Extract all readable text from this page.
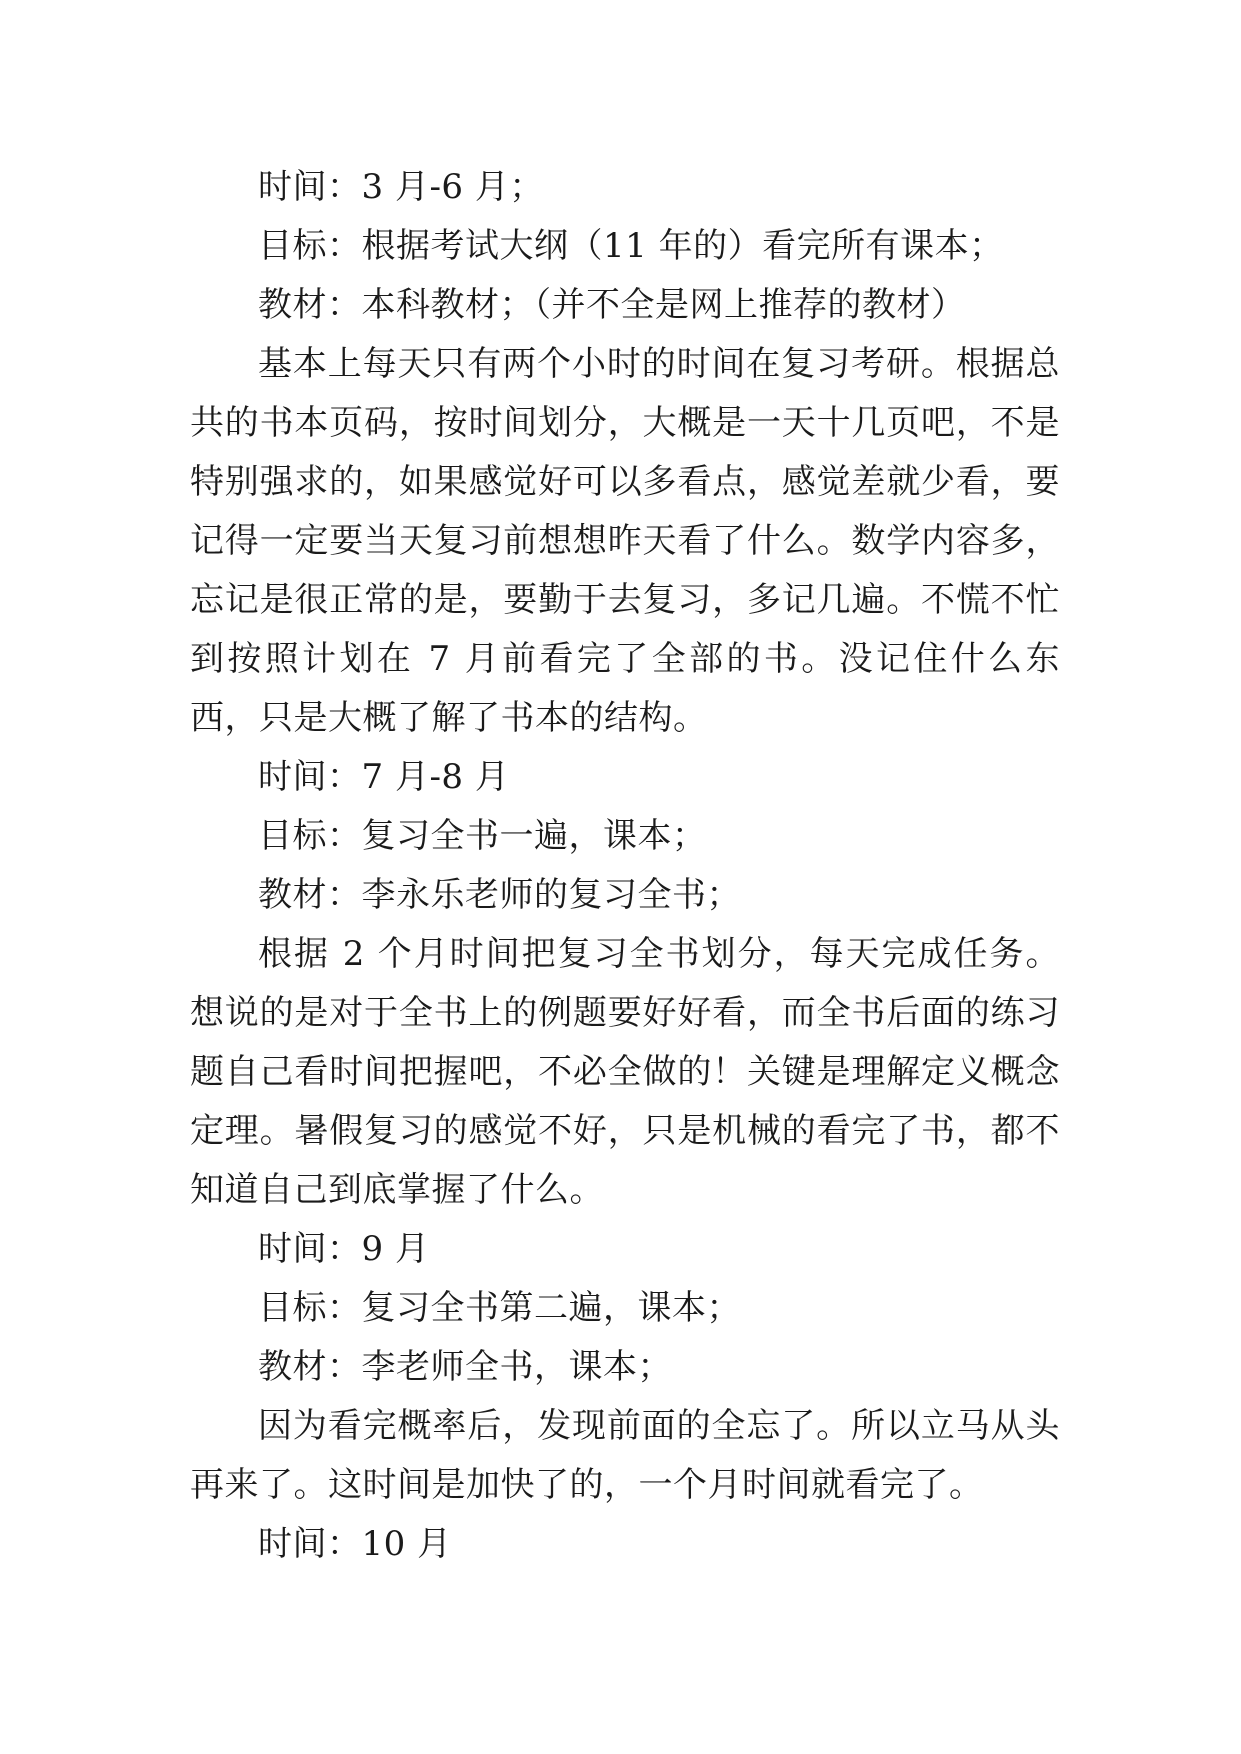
时间：3 月-6 月；

目标：根据考试大纲（11 年的）看完所有课本；

教材：本科教材；（并不全是网上推荐的教材）

基本上每天只有两个小时的时间在复习考研。根据总共的书本页码，按时间划分，大概是一天十几页吧，不是特别强求的，如果感觉好可以多看点，感觉差就少看，要记得一定要当天复习前想想昨天看了什么。数学内容多，忘记是很正常的是，要勤于去复习，多记几遍。不慌不忙到按照计划在 7 月前看完了全部的书。没记住什么东西，只是大概了解了书本的结构。

时间：7 月-8 月

目标：复习全书一遍，课本；

教材：李永乐老师的复习全书；

根据 2 个月时间把复习全书划分，每天完成任务。想说的是对于全书上的例题要好好看，而全书后面的练习题自己看时间把握吧，不必全做的！关键是理解定义概念定理。暑假复习的感觉不好，只是机械的看完了书，都不知道自己到底掌握了什么。

时间：9 月

目标：复习全书第二遍，课本；

教材：李老师全书，课本；

因为看完概率后，发现前面的全忘了。所以立马从头再来了。这时间是加快了的，一个月时间就看完了。

时间：10 月
